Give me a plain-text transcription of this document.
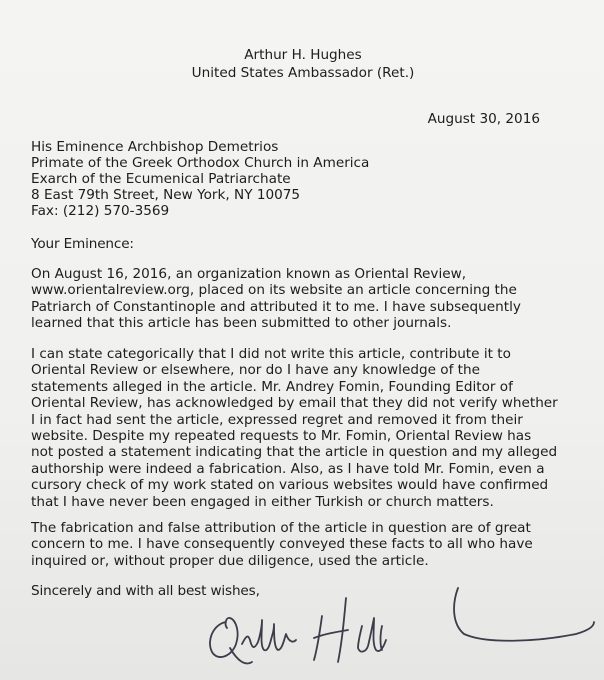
Arthur H. Hughes
United States Ambassador (Ret.)
August 30, 2016
His Eminence Archbishop Demetrios
Primate of the Greek Orthodox Church in America
Exarch of the Ecumenical Patriarchate
8 East 79th Street, New York, NY 10075
Fax: (212) 570-3569
Your Eminence:
On August 16, 2016, an organization known as Oriental Review,
www.orientalreview.org, placed on its website an article concerning the
Patriarch of Constantinople and attributed it to me. I have subsequently
learned that this article has been submitted to other journals.
I can state categorically that I did not write this article, contribute it to
Oriental Review or elsewhere, nor do I have any knowledge of the
statements alleged in the article. Mr. Andrey Fomin, Founding Editor of
Oriental Review, has acknowledged by email that they did not verify whether
I in fact had sent the article, expressed regret and removed it from their
website. Despite my repeated requests to Mr. Fomin, Oriental Review has
not posted a statement indicating that the article in question and my alleged
authorship were indeed a fabrication. Also, as I have told Mr. Fomin, even a
cursory check of my work stated on various websites would have confirmed
that I have never been engaged in either Turkish or church matters.
The fabrication and false attribution of the article in question are of great
concern to me. I have consequently conveyed these facts to all who have
inquired or, without proper due diligence, used the article.
Sincerely and with all best wishes,
